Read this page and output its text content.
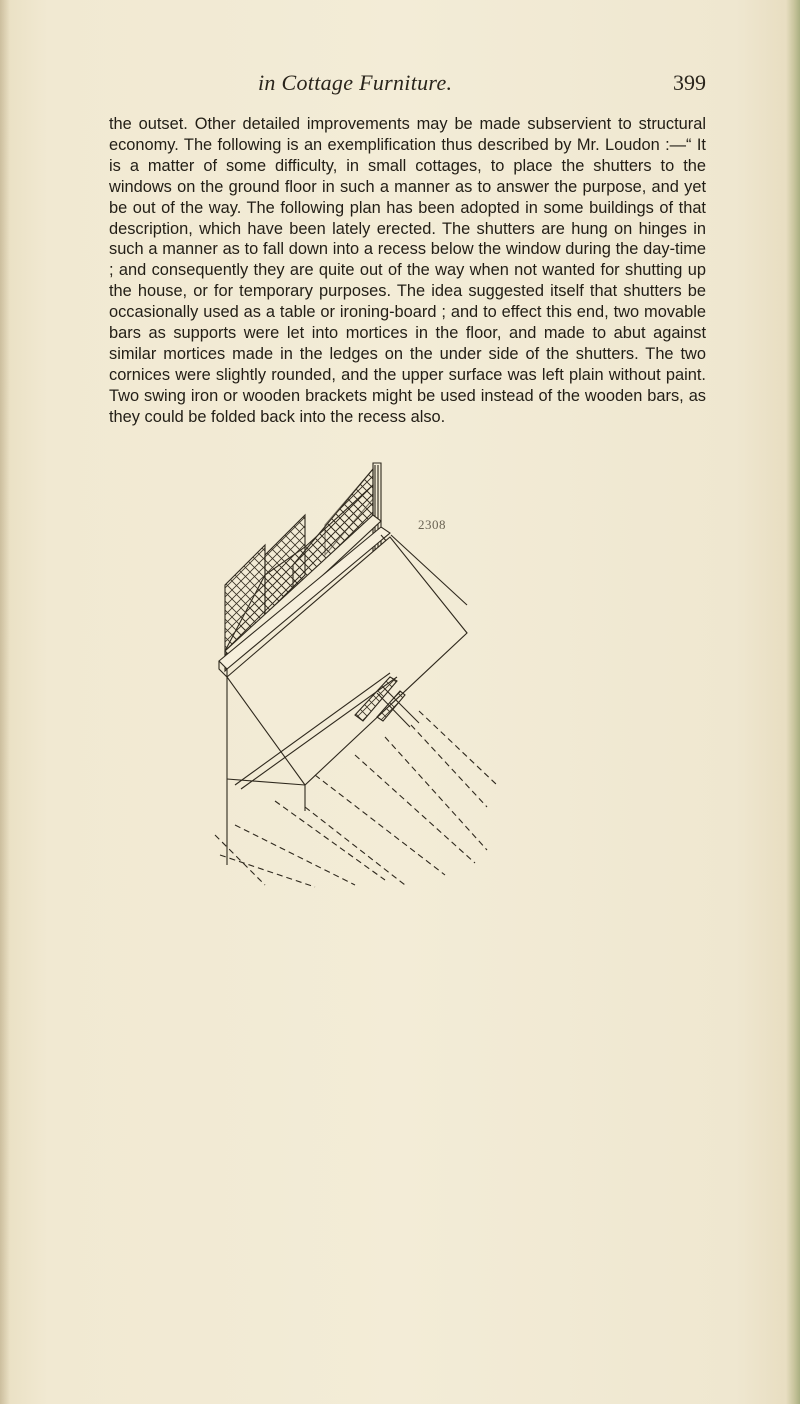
in Cottage Furniture.	399

the outset. Other detailed improvements may be made subservient to structural economy. The following is an exemplification thus described by Mr. Loudon :—“ It is a matter of some difficulty, in small cottages, to place the shutters to the windows on the ground floor in such a manner as to answer the purpose, and yet be out of the way. The following plan has been adopted in some buildings of that description, which have been lately erected. The shutters are hung on hinges in such a manner as to fall down into a recess below the window during the day-time ; and consequently they are quite out of the way when not wanted for shutting up the house, or for temporary purposes. The idea suggested itself that shutters be occasionally used as a table or ironing-board ; and to effect this end, two movable bars as supports were let into mortices in the floor, and made to abut against similar mortices made in the ledges on the under side of the shutters. The two cornices were slightly rounded, and the upper surface was left plain without paint. Two swing iron or wooden brackets might be used instead of the wooden bars, as they could be folded back into the recess also.

2308
